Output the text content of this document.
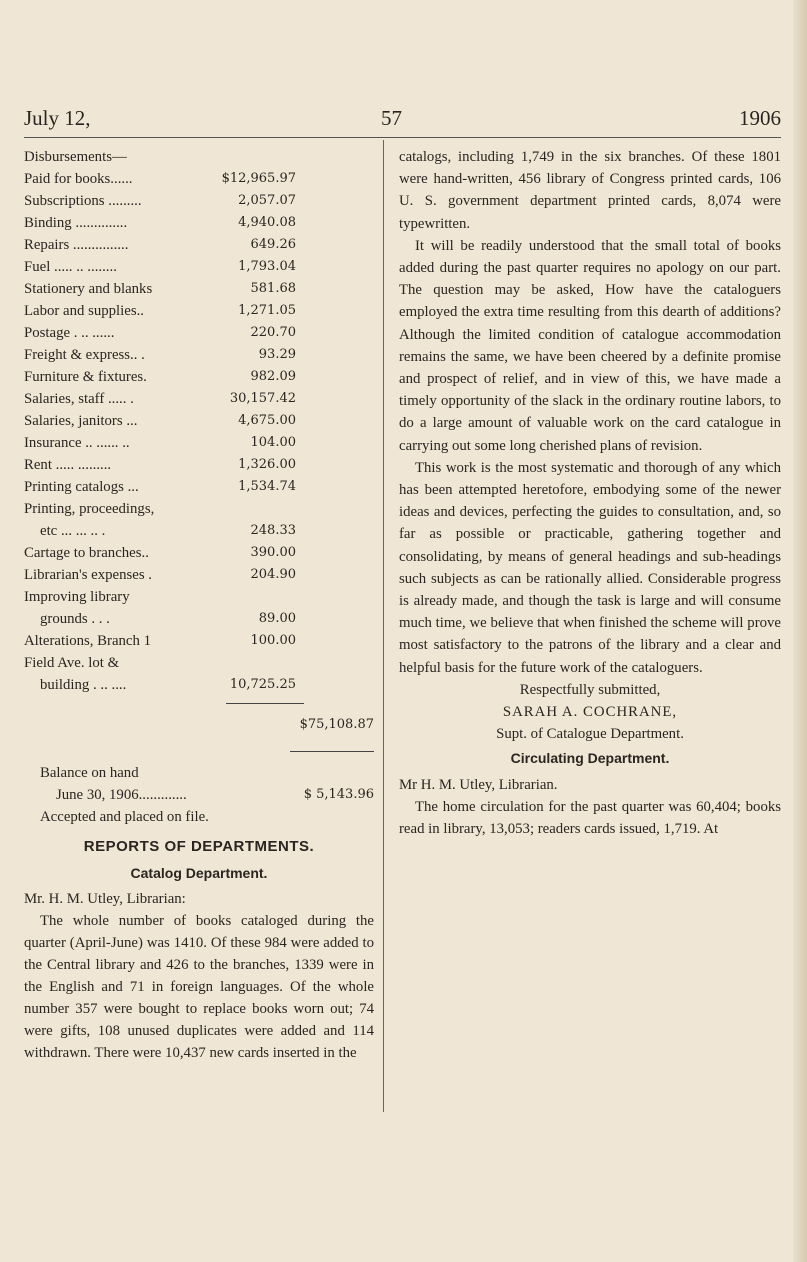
July 12,	57	1906
Disbursements—
Paid for books......	$12,965.97
Subscriptions .........	2,057.07
Binding ..............	4,940.08
Repairs ...............	649.26
Fuel ..... .. ........	1,793.04
Stationery and blanks	581.68
Labor and supplies..	1,271.05
Postage . .. ......	220.70
Freight & express.. .	93.29
Furniture & fixtures.	982.09
Salaries, staff ..... .	30,157.42
Salaries, janitors ...	4,675.00
Insurance .. ...... ..	104.00
Rent ..... .........	1,326.00
Printing catalogs ...	1,534.74
Printing, proceedings,
etc ... ... .. .	248.33
Cartage to branches..	390.00
Librarian's expenses .	204.90
Improving library
grounds . . .	89.00
Alterations, Branch 1	100.00
Field Ave. lot &
building . .. ....	10,725.25
$75,108.87
Balance on hand
June 30, 1906.............	$ 5,143.96
Accepted and placed on file.
REPORTS OF DEPARTMENTS.
Catalog Department.

Mr. H. M. Utley, Librarian:

The whole number of books cataloged during the quarter (April-June) was 1410. Of these 984 were added to the Central library and 426 to the branches, 1339 were in the English and 71 in foreign languages. Of the whole number 357 were bought to replace books worn out; 74 were gifts, 108 unused duplicates were added and 114 withdrawn. There were 10,437 new cards inserted in the

catalogs, including 1,749 in the six branches. Of these 1801 were hand-written, 456 library of Congress printed cards, 106 U. S. government department printed cards, 8,074 were typewritten.

It will be readily understood that the small total of books added during the past quarter requires no apology on our part. The question may be asked, How have the cataloguers employed the extra time resulting from this dearth of additions? Although the limited condition of catalogue accommodation remains the same, we have been cheered by a definite promise and prospect of relief, and in view of this, we have made a timely opportunity of the slack in the ordinary routine labors, to do a large amount of valuable work on the card catalogue in carrying out some long cherished plans of revision.

This work is the most systematic and thorough of any which has been attempted heretofore, embodying some of the newer ideas and devices, perfecting the guides to consultation, and, so far as possible or practicable, gathering together and consolidating, by means of general headings and sub-headings such subjects as can be rationally allied. Considerable progress is already made, and though the task is large and will consume much time, we believe that when finished the scheme will prove most satisfactory to the patrons of the library and a clear and helpful basis for the future work of the cataloguers.

Respectfully submitted,
SARAH A. COCHRANE,
Supt. of Catalogue Department.
Circulating Department.

Mr H. M. Utley, Librarian.

The home circulation for the past quarter was 60,404; books read in library, 13,053; readers cards issued, 1,719. At
